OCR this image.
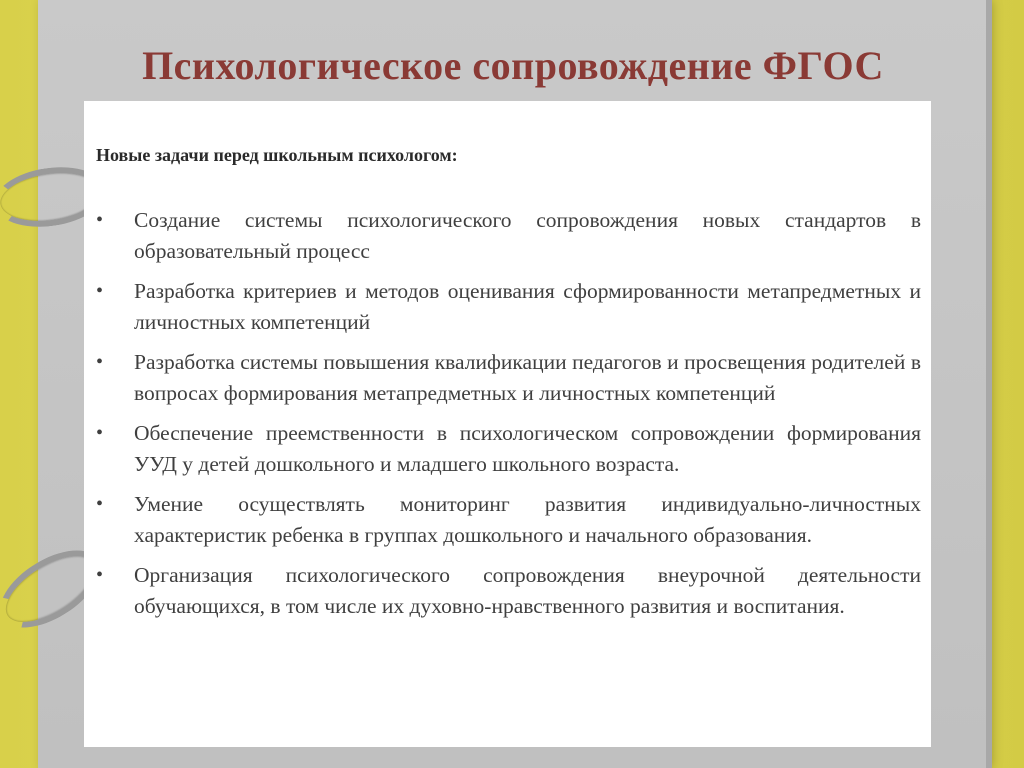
Психологическое сопровождение ФГОС

Новые задачи перед школьным психологом:

• Создание системы психологического сопровождения новых стандартов в образовательный процесс
• Разработка критериев и методов оценивания сформированности метапредметных и личностных компетенций
• Разработка системы повышения квалификации педагогов и просвещения родителей в вопросах формирования метапредметных и личностных компетенций
• Обеспечение преемственности в психологическом сопровождении формирования УУД у детей дошкольного и младшего школьного возраста.
• Умение осуществлять мониторинг развития индивидуально-личностных характеристик ребенка в группах дошкольного и начального образования.
• Организация психологического сопровождения внеурочной деятельности обучающихся, в том числе их духовно-нравственного развития и воспитания.
